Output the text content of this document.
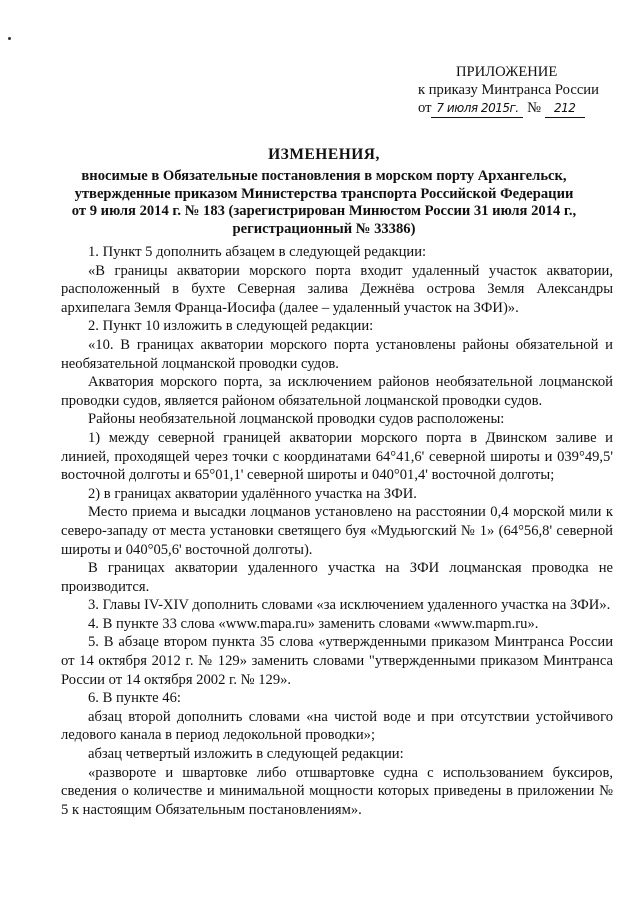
ПРИЛОЖЕНИЕ
к приказу Минтранса России
от 7 июля 2015г. № 212
ИЗМЕНЕНИЯ,
вносимые в Обязательные постановления в морском порту Архангельск,
утвержденные приказом Министерства транспорта Российской Федерации
от 9 июля 2014 г. № 183 (зарегистрирован Минюстом России 31 июля 2014 г.,
регистрационный № 33386)

1. Пункт 5 дополнить абзацем в следующей редакции:

«В границы акватории морского порта входит удаленный участок акватории, расположенный в бухте Северная залива Дежнёва острова Земля Александры архипелага Земля Франца-Иосифа (далее – удаленный участок на ЗФИ)».

2. Пункт 10 изложить в следующей редакции:

«10. В границах акватории морского порта установлены районы обязательной и необязательной лоцманской проводки судов.

Акватория морского порта, за исключением районов необязательной лоцманской проводки судов, является районом обязательной лоцманской проводки судов.

Районы необязательной лоцманской проводки судов расположены:

1) между северной границей акватории морского порта в Двинском заливе и линией, проходящей через точки с координатами 64°41,6' северной широты и 039°49,5' восточной долготы и 65°01,1' северной широты и 040°01,4' восточной долготы;

2) в границах акватории удалённого участка на ЗФИ.

Место приема и высадки лоцманов установлено на расстоянии 0,4 морской мили к северо-западу от места установки светящего буя «Мудьюгский № 1» (64°56,8' северной широты и 040°05,6' восточной долготы).

В границах акватории удаленного участка на ЗФИ лоцманская проводка не производится.

3. Главы IV-XIV дополнить словами «за исключением удаленного участка на ЗФИ».

4. В пункте 33 слова «www.mapa.ru» заменить словами «www.mapm.ru».

5. В абзаце втором пункта 35 слова «утвержденными приказом Минтранса России от 14 октября 2012 г. № 129» заменить словами "утвержденными приказом Минтранса России от 14 октября 2002 г. № 129».

6. В пункте 46:

абзац второй дополнить словами «на чистой воде и при отсутствии устойчивого ледового канала в период ледокольной проводки»;

абзац четвертый изложить в следующей редакции:

«развороте и швартовке либо отшвартовке судна с использованием буксиров, сведения о количестве и минимальной мощности которых приведены в приложении № 5 к настоящим Обязательным постановлениям».
